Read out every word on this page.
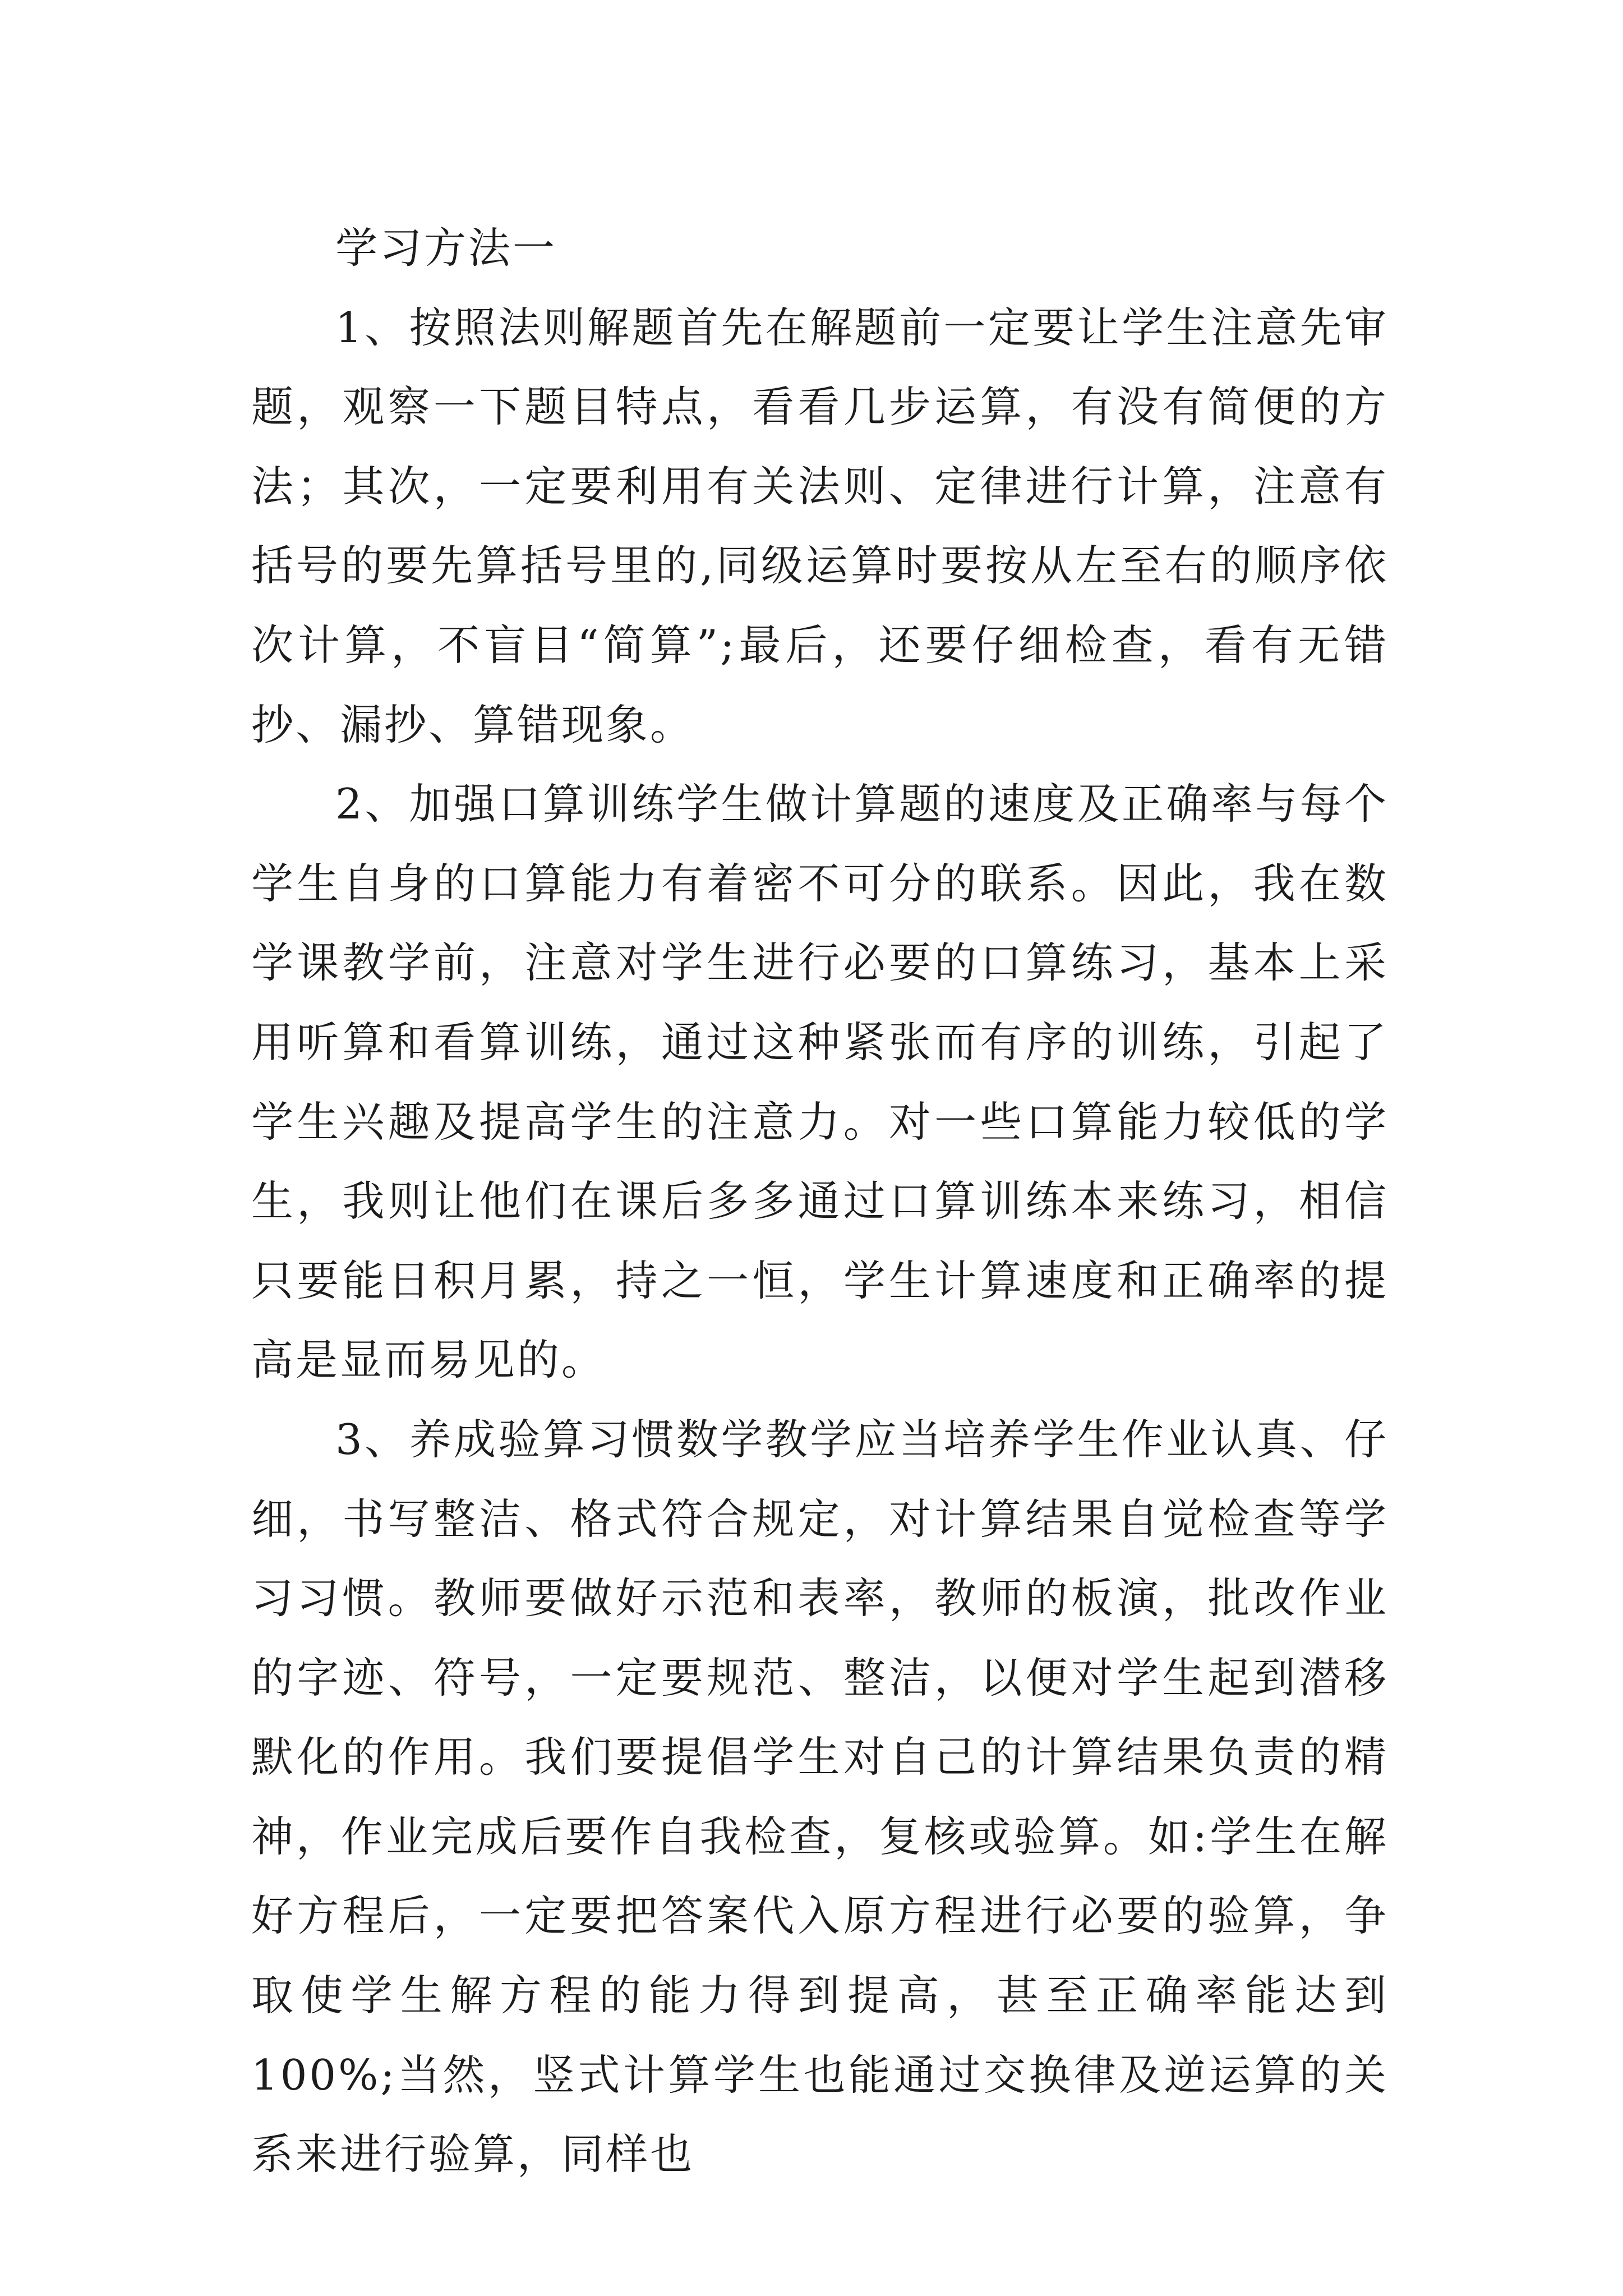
学习方法一

1、按照法则解题首先在解题前一定要让学生注意先审题，观察一下题目特点，看看几步运算，有没有简便的方法；其次，一定要利用有关法则、定律进行计算，注意有括号的要先算括号里的,同级运算时要按从左至右的顺序依次计算，不盲目“简算”;最后，还要仔细检查，看有无错抄、漏抄、算错现象。

2、加强口算训练学生做计算题的速度及正确率与每个学生自身的口算能力有着密不可分的联系。因此，我在数学课教学前，注意对学生进行必要的口算练习，基本上采用听算和看算训练，通过这种紧张而有序的训练，引起了学生兴趣及提高学生的注意力。对一些口算能力较低的学生，我则让他们在课后多多通过口算训练本来练习，相信只要能日积月累，持之一恒，学生计算速度和正确率的提高是显而易见的。

3、养成验算习惯数学教学应当培养学生作业认真、仔细，书写整洁、格式符合规定，对计算结果自觉检查等学习习惯。教师要做好示范和表率，教师的板演，批改作业的字迹、符号，一定要规范、整洁，以便对学生起到潜移默化的作用。我们要提倡学生对自己的计算结果负责的精神，作业完成后要作自我检查，复核或验算。如:学生在解好方程后，一定要把答案代入原方程进行必要的验算，争取使学生解方程的能力得到提高，甚至正确率能达到100%;当然，竖式计算学生也能通过交换律及逆运算的关系来进行验算，同样也
